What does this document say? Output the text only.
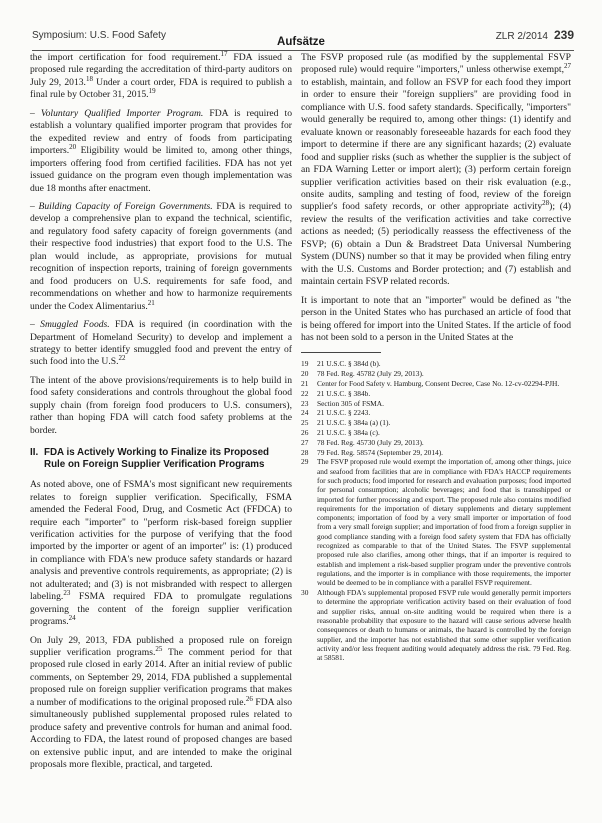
Symposium: U.S. Food Safety
Aufsätze	ZLR 2/2014 239

the import certification for food requirement.$^{17}$ FDA issued a proposed rule regarding the accreditation of third-party auditors on July 29, 2013.18 Under a court order, FDA is required to publish a final rule by October 31, 2015.19

– Voluntary Qualified Importer Program. FDA is required to establish a voluntary qualified importer program that provides for the expedited review and entry of foods from participating importers.$^{20}$ Eligibility would be limited to, among other things, importers offering food from certified facilities. FDA has not yet issued guidance on the program even though implementation was due 18 months after enactment.

– Building Capacity of Foreign Governments. FDA is required to develop a comprehensive plan to expand the technical, scientific, and regulatory food safety capacity of foreign governments (and their respective food industries) that export food to the U.S. The plan would include, as appropriate, provisions for mutual recognition of inspection reports, training of foreign governments and food producers on U.S. requirements for safe food, and recommendations on whether and how to harmonize requirements under the Codex Alimentarius.$^{21}$

– Smuggled Foods. FDA is required (in coordination with the Department of Homeland Security) to develop and implement a strategy to better identify smuggled food and prevent the entry of such food into the U.S.$^{22}$

The intent of the above provisions/requirements is to help build in food safety considerations and controls throughout the global food supply chain (from foreign food producers to U.S. consumers), rather than hoping FDA will catch food safety problems at the border.

II. FDA is Actively Working to Finalize its Proposed
Rule on Foreign Supplier Verification Programs

As noted above, one of FSMA's most significant new requirements relates to foreign supplier verification. Specifically, FSMA amended the Federal Food, Drug, and Cosmetic Act (FFDCA) to require each "importer" to "perform risk-based foreign supplier verification activities for the purpose of verifying that the food imported by the importer or agent of an importer" is: (1) produced in compliance with FDA's new produce safety standards or hazard analysis and preventive controls requirements, as appropriate; (2) is not adulterated; and (3) is not misbranded with respect to allergen labeling.$^{23}$ FSMA required FDA to promulgate regulations governing the content of the foreign supplier verification programs.$^{24}$

On July 29, 2013, FDA published a proposed rule on foreign supplier verification programs.$^{25}$ The comment period for that proposed rule closed in early 2014. After an initial review of public comments, on September 29, 2014, FDA published a supplemental proposed rule on foreign supplier verification programs that makes a number of modifications to the original proposed rule.$^{26}$ FDA also simultaneously published supplemental proposed rules related to produce safety and preventive controls for human and animal food. According to FDA, the latest round of proposed changes are based on extensive public input, and are intended to make the original proposals more flexible, practical, and targeted.

The FSVP proposed rule (as modified by the supplemental FSVP proposed rule) would require "importers," unless otherwise exempt,$^{27}$ to establish, maintain, and follow an FSVP for each food they import in order to ensure their "foreign suppliers" are providing food in compliance with U.S. food safety standards. Specifically, "importers" would generally be required to, among other things: (1) identify and evaluate known or reasonably foreseeable hazards for each food they import to determine if there are any significant hazards; (2) evaluate food and supplier risks (such as whether the supplier is the subject of an FDA Warning Letter or import alert); (3) perform certain foreign supplier verification activities based on their risk evaluation (e.g., onsite audits, sampling and testing of food, review of the foreign supplier's food safety records, or other appropriate activity$^{28}$); (4) review the results of the verification activities and take corrective actions as needed; (5) periodically reassess the effectiveness of the FSVP; (6) obtain a Dun & Bradstreet Data Universal Numbering System (DUNS) number so that it may be provided when filing entry with the U.S. Customs and Border protection; and (7) establish and maintain certain FSVP related records.

It is important to note that an "importer" would be defined as "the person in the United States who has purchased an article of food that is being offered for import into the United States. If the article of food has not been sold to a person in the United States at the

19	21 U.S.C. § 384d (b).
20	78 Fed. Reg. 45782 (July 29, 2013).
21	Center for Food Safety v. Hamburg, Consent Decree, Case No. 12-cv-02294-PJH.
22	21 U.S.C. § 384b.
23	Section 305 of FSMA.
24	21 U.S.C. § 2243.
25	21 U.S.C. § 384a (a) (1).
26	21 U.S.C. § 384a (c).
27	78 Fed. Reg. 45730 (July 29, 2013).
28	79 Fed. Reg. 58574 (September 29, 2014).
29	The FSVP proposed rule would exempt the importation of, among other things, juice and seafood from facilities that are in compliance with FDA's HACCP requirements for such products; food imported for research and evaluation purposes; food imported for personal consumption; alcoholic beverages; and food that is transshipped or imported for further processing and export. The proposed rule also contains modified requirements for the importation of dietary supplements and dietary supplement components; importation of food by a very small importer or importation of food from a very small foreign supplier; and importation of food from a foreign supplier in good compliance standing with a foreign food safety system that FDA has officially recognized as comparable to that of the United States. The FSVP supplemental proposed rule also clarifies, among other things, that if an importer is required to establish and implement a risk-based supplier program under the preventive controls regulations, and the importer is in compliance with those requirements, the importer would be deemed to be in compliance with a parallel FSVP requirement.
30	Although FDA's supplemental proposed FSVP rule would generally permit importers to determine the appropriate verification activity based on their evaluation of food and supplier risks, annual on-site auditing would be required when there is a reasonable probability that exposure to the hazard will cause serious adverse health consequences or death to humans or animals, the hazard is controlled by the foreign supplier, and the importer has not established that some other supplier verification activity and/or less frequent auditing would adequately address the risk. 79 Fed. Reg. at 58581.
